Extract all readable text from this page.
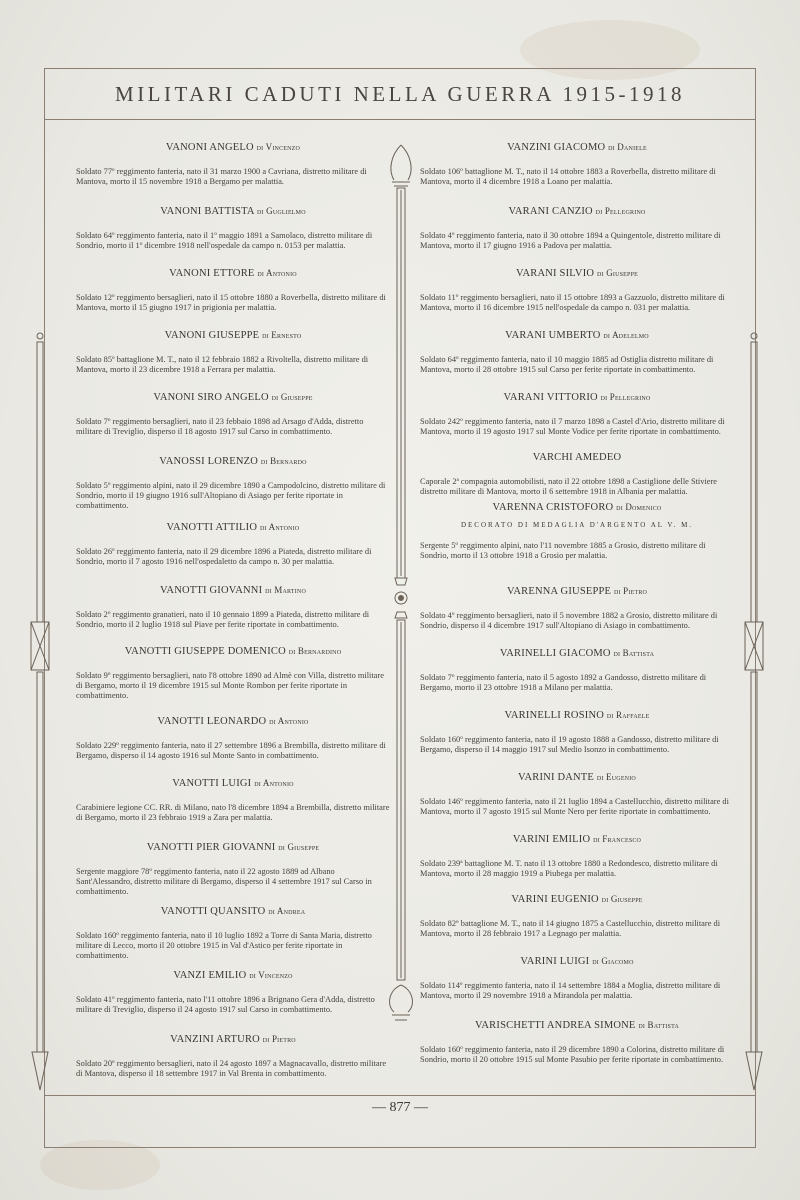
MILITARI CADUTI NELLA GUERRA 1915-1918
VANONI ANGELO di Vincenzo
Soldato 77º reggimento fanteria, nato il 31 marzo 1900 a Cavriana, distretto militare di Mantova, morto il 15 novembre 1918 a Bergamo per malattia.
VANONI BATTISTA di Guglielmo
Soldato 64º reggimento fanteria, nato il 1º maggio 1891 a Samolaco, distretto militare di Sondrio, morto il 1º dicembre 1918 nell'ospedale da campo n. 0153 per malattia.
VANONI ETTORE di Antonio
Soldato 12º reggimento bersaglieri, nato il 15 ottobre 1880 a Roverbella, distretto militare di Mantova, morto il 15 giugno 1917 in prigionia per malattia.
VANONI GIUSEPPE di Ernesto
Soldato 85º battaglione M. T., nato il 12 febbraio 1882 a Rivoltella, distretto militare di Mantova, morto il 23 dicembre 1918 a Ferrara per malattia.
VANONI SIRO ANGELO di Giuseppe
Soldato 7º reggimento bersaglieri, nato il 23 febbaio 1898 ad Arsago d'Adda, distretto militare di Treviglio, disperso il 18 agosto 1917 sul Carso in combattimento.
VANOSSI LORENZO di Bernardo
Soldato 5º reggimento alpini, nato il 29 dicembre 1890 a Campodolcino, distretto militare di Sondrio, morto il 19 giugno 1916 sull'Altopiano di Asiago per ferite riportate in combattimento.
VANOTTI ATTILIO di Antonio
Soldato 26º reggimento fanteria, nato il 29 dicembre 1896 a Piateda, distretto militare di Sondrio, morto il 7 agosto 1916 nell'ospedaletto da campo n. 30 per malattia.
VANOTTI GIOVANNI di Martino
Soldato 2º reggimento granatieri, nato il 10 gennaio 1899 a Piateda, distretto militare di Sondrio, morto il 2 luglio 1918 sul Piave per ferite riportate in combattimento.
VANOTTI GIUSEPPE DOMENICO di Bernardino
Soldato 9º reggimento bersaglieri, nato l'8 ottobre 1890 ad Almè con Villa, distretto militare di Bergamo, morto il 19 dicembre 1915 sul Monte Rombon per ferite riportate in combattimento.
VANOTTI LEONARDO di Antonio
Soldato 229º reggimento fanteria, nato il 27 settembre 1896 a Brembilla, distretto militare di Bergamo, disperso il 14 agosto 1916 sul Monte Santo in combattimento.
VANOTTI LUIGI di Antonio
Carabiniere legione CC. RR. di Milano, nato l'8 dicembre 1894 a Brembilla, distretto militare di Bergamo, morto il 23 febbraio 1919 a Zara per malattia.
VANOTTI PIER GIOVANNI di Giuseppe
Sergente maggiore 78º reggimento fanteria, nato il 22 agosto 1889 ad Albano Sant'Alessandro, distretto militare di Bergamo, disperso il 4 settembre 1917 sul Carso in combattimento.
VANOTTI QUANSITO di Andrea
Soldato 160º reggimento fanteria, nato il 10 luglio 1892 a Torre di Santa Maria, distretto militare di Lecco, morto il 20 ottobre 1915 in Val d'Astico per ferite riportate in combattimento.
VANZI EMILIO di Vincenzo
Soldato 41º reggimento fanteria, nato l'11 ottobre 1896 a Brignano Gera d'Adda, distretto militare di Treviglio, disperso il 24 agosto 1917 sul Carso in combattimento.
VANZINI ARTURO di Pietro
Soldato 20º reggimento bersaglieri, nato il 24 agosto 1897 a Magnacavallo, distretto militare di Mantova, disperso il 18 settembre 1917 in Val Brenta in combattimento.
VANZINI GIACOMO di Daniele
Soldato 106º battaglione M. T., nato il 14 ottobre 1883 a Roverbella, distretto militare di Mantova, morto il 4 dicembre 1918 a Loano per malattia.
VARANI CANZIO di Pellegrino
Soldato 4º reggimento fanteria, nato il 30 ottobre 1894 a Quingentole, distretto militare di Mantova, morto il 17 giugno 1916 a Padova per malattia.
VARANI SILVIO di Giuseppe
Soldato 11º reggimento bersaglieri, nato il 15 ottobre 1893 a Gazzuolo, distretto militare di Mantova, morto il 16 dicembre 1915 nell'ospedale da campo n. 031 per malattia.
VARANI UMBERTO di Adelelmo
Soldato 64º reggimento fanteria, nato il 10 maggio 1885 ad Ostiglia distretto militare di Mantova, morto il 28 ottobre 1915 sul Carso per ferite riportate in combattimento.
VARANI VITTORIO di Pellegrino
Soldato 242º reggimento fanteria, nato il 7 marzo 1898 a Castel d'Ario, distretto militare di Mantova, morto il 19 agosto 1917 sul Monte Vodice per ferite riportate in combattimento.
VARCHI AMEDEO
Caporale 2ª compagnia automobilisti, nato il 22 ottobre 1898 a Castiglione delle Stiviere distretto militare di Mantova, morto il 6 settembre 1918 in Albania per malattia.
VARENNA CRISTOFORO di Domenico
DECORATO DI MEDAGLIA D'ARGENTO AL V. M.
Sergente 5º reggimento alpini, nato l'11 novembre 1885 a Grosio, distretto militare di Sondrio, morto il 13 ottobre 1918 a Grosio per malattia.
VARENNA GIUSEPPE di Pietro
Soldato 4º reggimento bersaglieri, nato il 5 novembre 1882 a Grosio, distretto militare di Sondrio, disperso il 4 dicembre 1917 sull'Altopiano di Asiago in combattimento.
VARINELLI GIACOMO di Battista
Soldato 7º reggimento fanteria, nato il 5 agosto 1892 a Gandosso, distretto militare di Bergamo, morto il 23 ottobre 1918 a Milano per malattia.
VARINELLI ROSINO di Raffaele
Soldato 160º reggimento fanteria, nato il 19 agosto 1888 a Gandosso, distretto militare di Bergamo, disperso il 14 maggio 1917 sul Medio Isonzo in combattimento.
VARINI DANTE di Eugenio
Soldato 146º reggimento fanteria, nato il 21 luglio 1894 a Castellucchio, distretto militare di Mantova, morto il 7 agosto 1915 sul Monte Nero per ferite riportate in combattimento.
VARINI EMILIO di Francesco
Soldato 239ª battaglione M. T. nato il 13 ottobre 1880 a Redondesco, distretto militare di Mantova, morto il 28 maggio 1919 a Piubega per malattia.
VARINI EUGENIO di Giuseppe
Soldato 82º battaglione M. T., nato il 14 giugno 1875 a Castellucchio, distretto militare di Mantova, morto il 28 febbraio 1917 a Legnago per malattia.
VARINI LUIGI di Giacomo
Soldato 114º reggimento fanteria, nato il 14 settembre 1884 a Moglia, distretto militare di Mantova, morto il 29 novembre 1918 a Mirandola per malattia.
VARISCHETTI ANDREA SIMONE di Battista
Soldato 160º reggimento fanteria, nato il 29 dicembre 1890 a Colorina, distretto militare di Sondrio, morto il 20 ottobre 1915 sul Monte Pasubio per ferite riportate in combattimento.
— 877 —
